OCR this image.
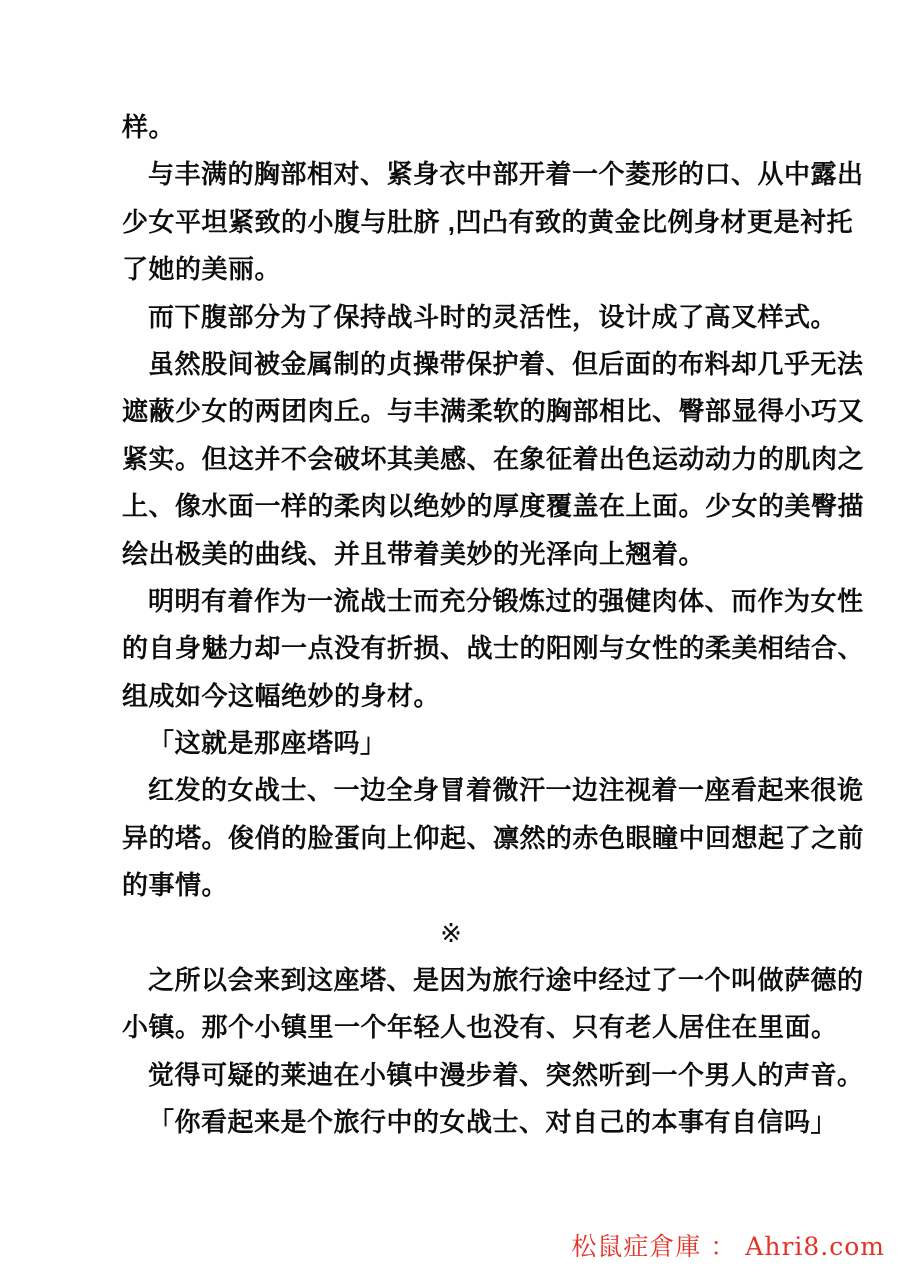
样。
与丰满的胸部相对、紧身衣中部开着一个菱形的口、从中露出
少女平坦紧致的小腹与肚脐 ,凹凸有致的黄金比例身材更是衬托
了她的美丽。
而下腹部分为了保持战斗时的灵活性，设计成了高叉样式。
虽然股间被金属制的贞操带保护着、但后面的布料却几乎无法
遮蔽少女的两团肉丘。与丰满柔软的胸部相比、臀部显得小巧又
紧实。但这并不会破坏其美感、在象征着出色运动动力的肌肉之
上、像水面一样的柔肉以绝妙的厚度覆盖在上面。少女的美臀描
绘出极美的曲线、并且带着美妙的光泽向上翘着。
明明有着作为一流战士而充分锻炼过的强健肉体、而作为女性
的自身魅力却一点没有折损、战士的阳刚与女性的柔美相结合、
组成如今这幅绝妙的身材。
「这就是那座塔吗」
红发的女战士、一边全身冒着微汗一边注视着一座看起来很诡
异的塔。俊俏的脸蛋向上仰起、凛然的赤色眼瞳中回想起了之前
的事情。
※
之所以会来到这座塔、是因为旅行途中经过了一个叫做萨德的
小镇。那个小镇里一个年轻人也没有、只有老人居住在里面。
觉得可疑的莱迪在小镇中漫步着、突然听到一个男人的声音。
「你看起来是个旅行中的女战士、对自己的本事有自信吗」
松鼠症倉庫 ： Ahri8.com
